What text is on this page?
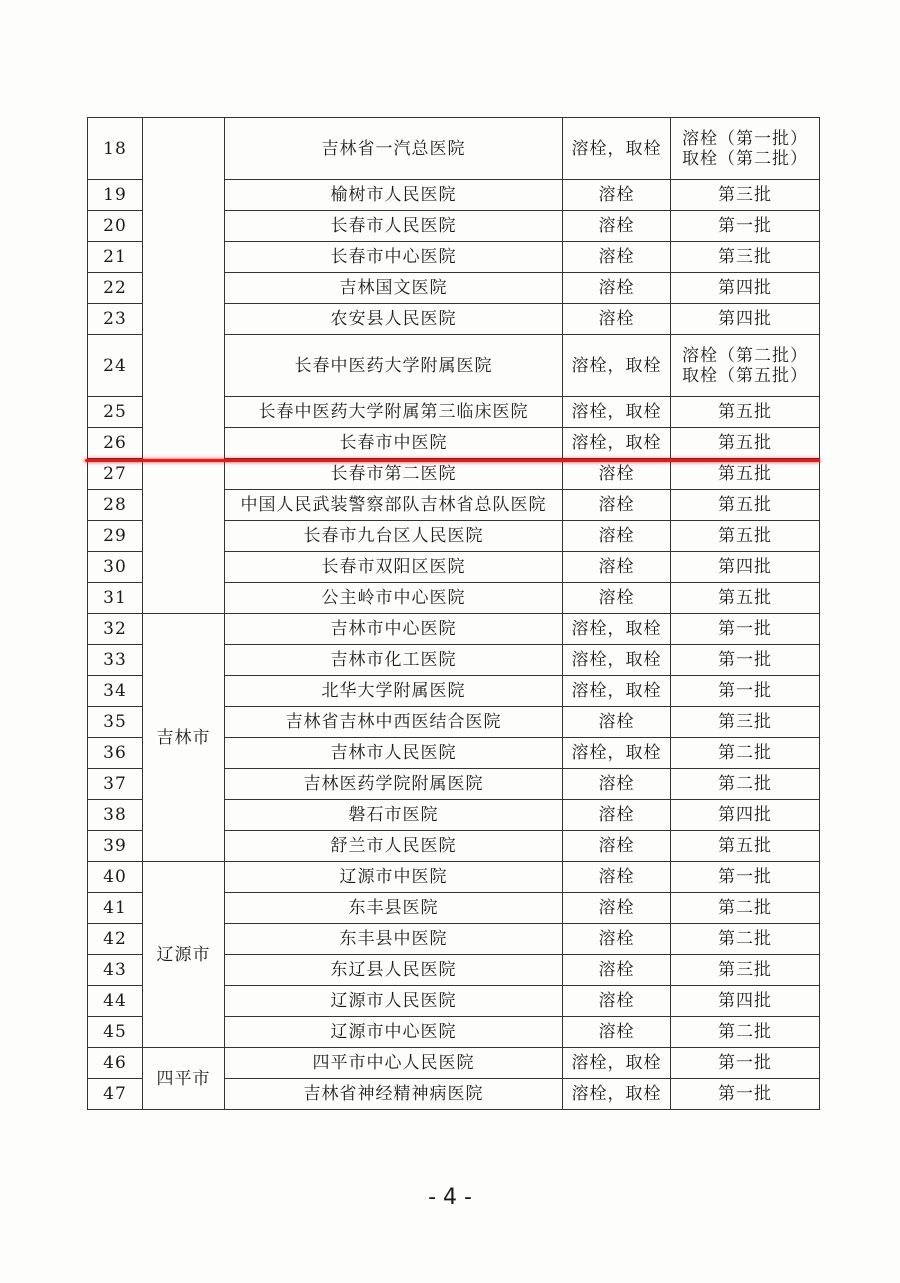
18		吉林省一汽总医院	溶栓，取栓	溶栓（第一批）
取栓（第二批）

19		榆树市人民医院	溶栓	第三批

20		长春市人民医院	溶栓	第一批

21		长春市中心医院	溶栓	第三批

22		吉林国文医院	溶栓	第四批

23		农安县人民医院	溶栓	第四批

24		长春中医药大学附属医院	溶栓，取栓	溶栓（第二批）
取栓（第五批）

25		长春中医药大学附属第三临床医院	溶栓，取栓	第五批

26		长春市中医院	溶栓，取栓	第五批

27		长春市第二医院	溶栓	第五批

28		中国人民武装警察部队吉林省总队医院	溶栓	第五批

29		长春市九台区人民医院	溶栓	第五批

30		长春市双阳区医院	溶栓	第四批

31		公主岭市中心医院	溶栓	第五批

32	吉林市	吉林市中心医院	溶栓，取栓	第一批

33		吉林市化工医院	溶栓，取栓	第一批

34		北华大学附属医院	溶栓，取栓	第一批

35		吉林省吉林中西医结合医院	溶栓	第三批

36		吉林市人民医院	溶栓，取栓	第二批

37		吉林医药学院附属医院	溶栓	第二批

38		磐石市医院	溶栓	第四批

39		舒兰市人民医院	溶栓	第五批

40	辽源市	辽源市中医院	溶栓	第一批

41		东丰县医院	溶栓	第二批

42		东丰县中医院	溶栓	第二批

43		东辽县人民医院	溶栓	第三批

44		辽源市人民医院	溶栓	第四批

45		辽源市中心医院	溶栓	第二批

46	四平市	四平市中心人民医院	溶栓，取栓	第一批

47		吉林省神经精神病医院	溶栓，取栓	第一批
- 4 -
